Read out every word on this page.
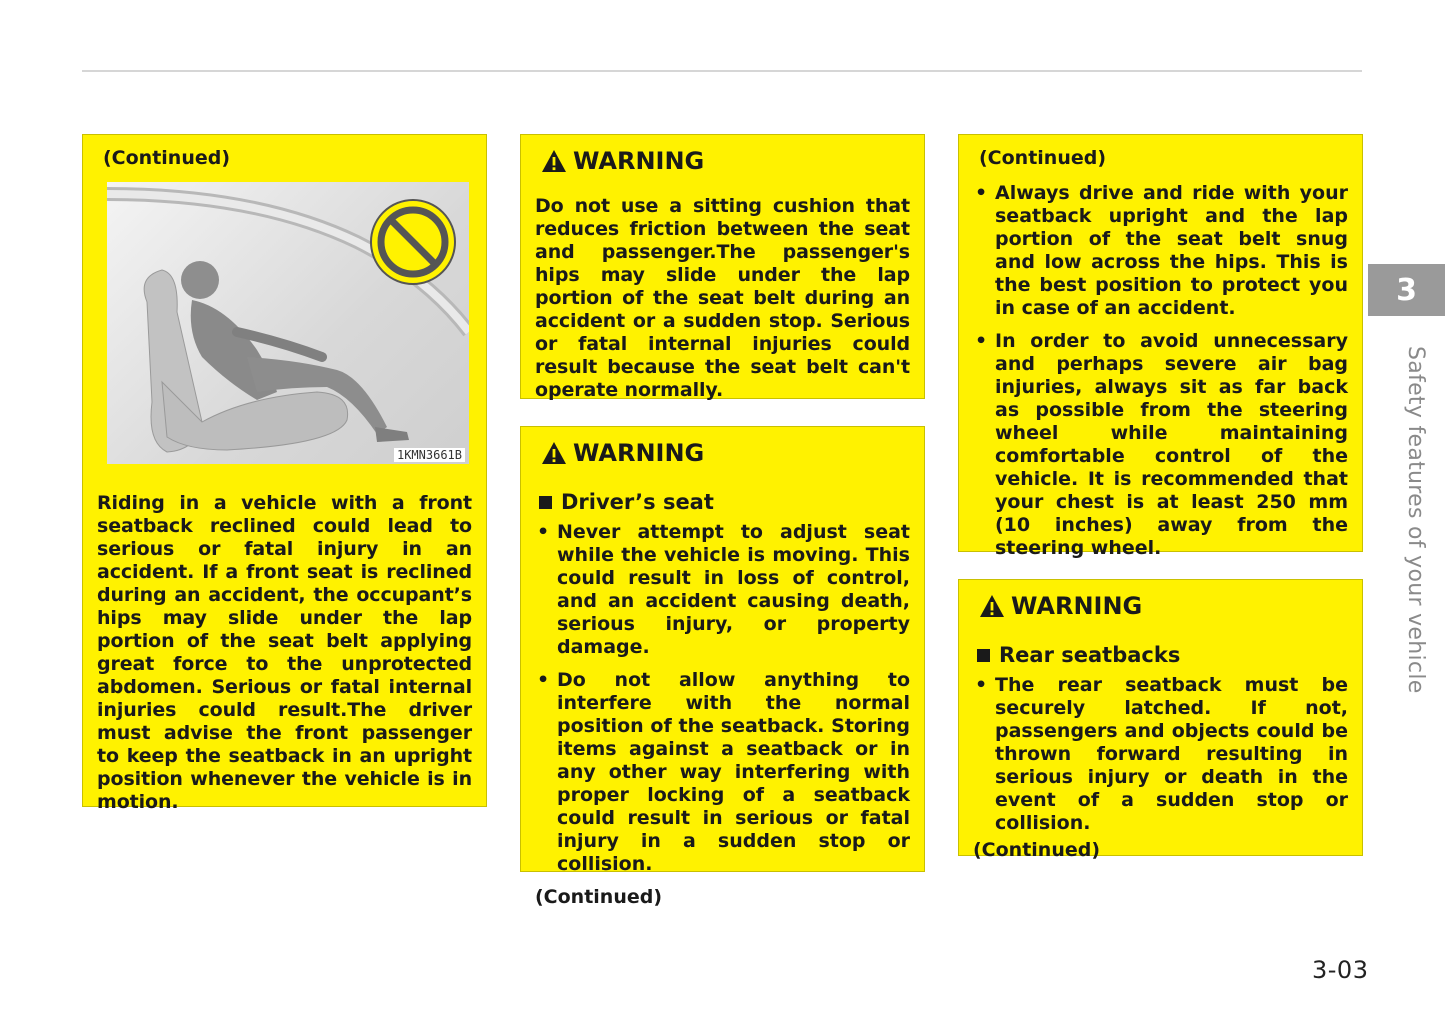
(Continued)

1KMN3661B

Riding in a vehicle with a front seatback reclined could lead to serious or fatal injury in an accident. If a front seat is reclined during an accident, the occupant’s hips may slide under the lap portion of the seat belt applying great force to the unprotected abdomen. Serious or fatal internal injuries could result.The driver must advise the front passenger to keep the seatback in an upright position whenever the vehicle is in motion.

WARNING

Do not use a sitting cushion that reduces friction between the seat and passenger.The passenger's hips may slide under the lap portion of the seat belt during an accident or a sudden stop. Serious or fatal internal injuries could result because the seat belt can't operate normally.

WARNING
Driver’s seat
• Never attempt to adjust seat while the vehicle is moving. This could result in loss of control, and an accident causing death, serious injury, or property damage.
• Do not allow anything to interfere with the normal position of the seatback. Storing items against a seatback or in any other way interfering with proper locking of a seatback could result in serious or fatal injury in a sudden stop or collision.

(Continued)

(Continued)

• Always drive and ride with your seatback upright and the lap portion of the seat belt snug and low across the hips. This is the best position to protect you in case of an accident.
• In order to avoid unnecessary and perhaps severe air bag injuries, always sit as far back as possible from the steering wheel while maintaining comfortable control of the vehicle. It is recommended that your chest is at least 250 mm (10 inches) away from the steering wheel.
WARNING
Rear seatbacks
• The rear seatback must be securely latched. If not, passengers and objects could be thrown forward resulting in serious injury or death in the event of a sudden stop or collision.

(Continued)

3
Safety features of your vehicle
3-03
